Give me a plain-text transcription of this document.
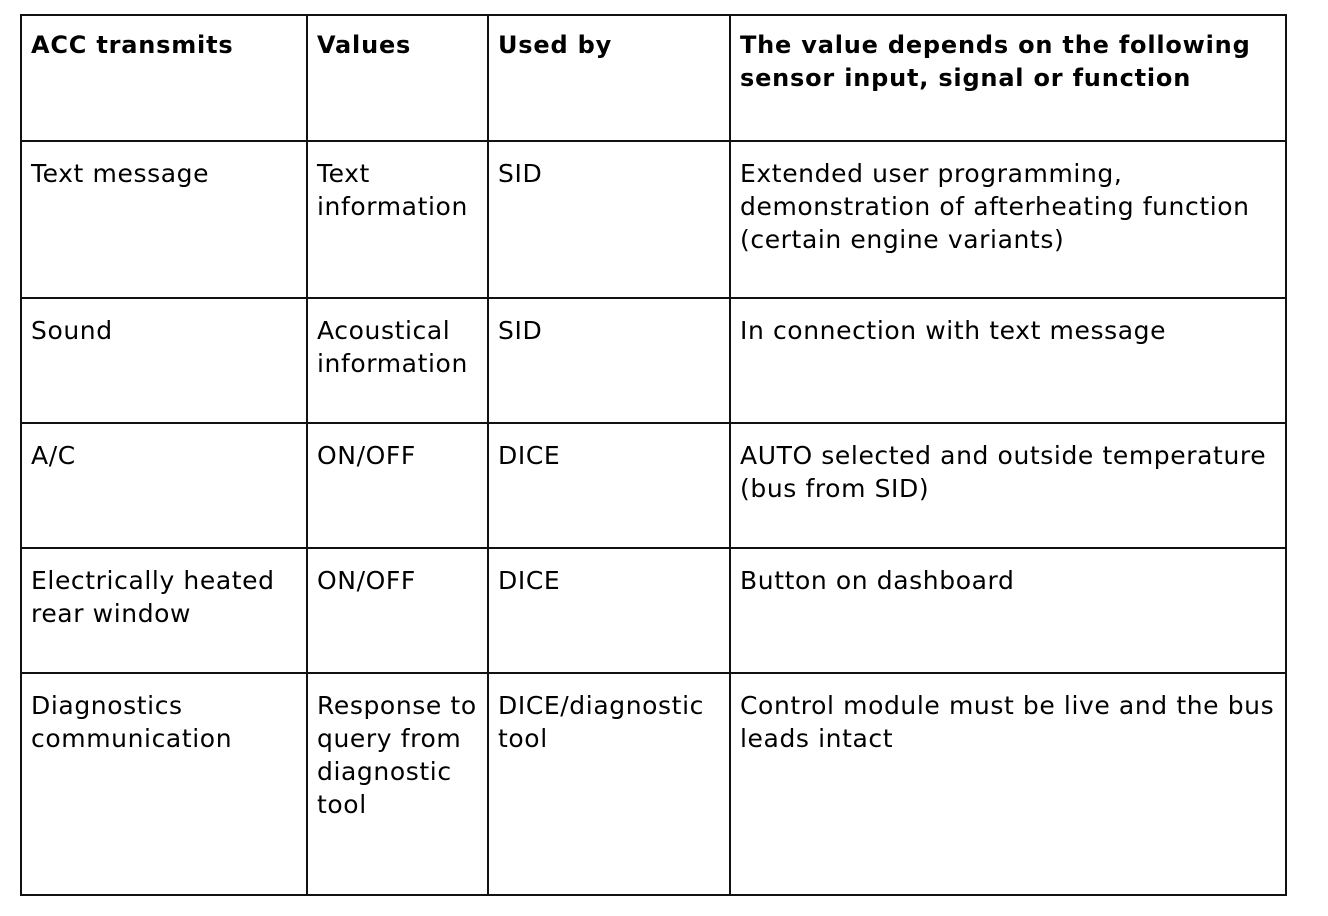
ACC transmits	Values	Used by	The value depends on the following sensor input, signal or function
Text message	Text information	SID	Extended user programming, demonstration of afterheating function (certain engine variants)
Sound	Acoustical information	SID	In connection with text message
A/C	ON/OFF	DICE	AUTO selected and outside temperature (bus from SID)
Electrically heated rear window	ON/OFF	DICE	Button on dashboard
Diagnostics communication	Response to query from diagnostic tool	DICE/diagnostic tool	Control module must be live and the bus leads intact
